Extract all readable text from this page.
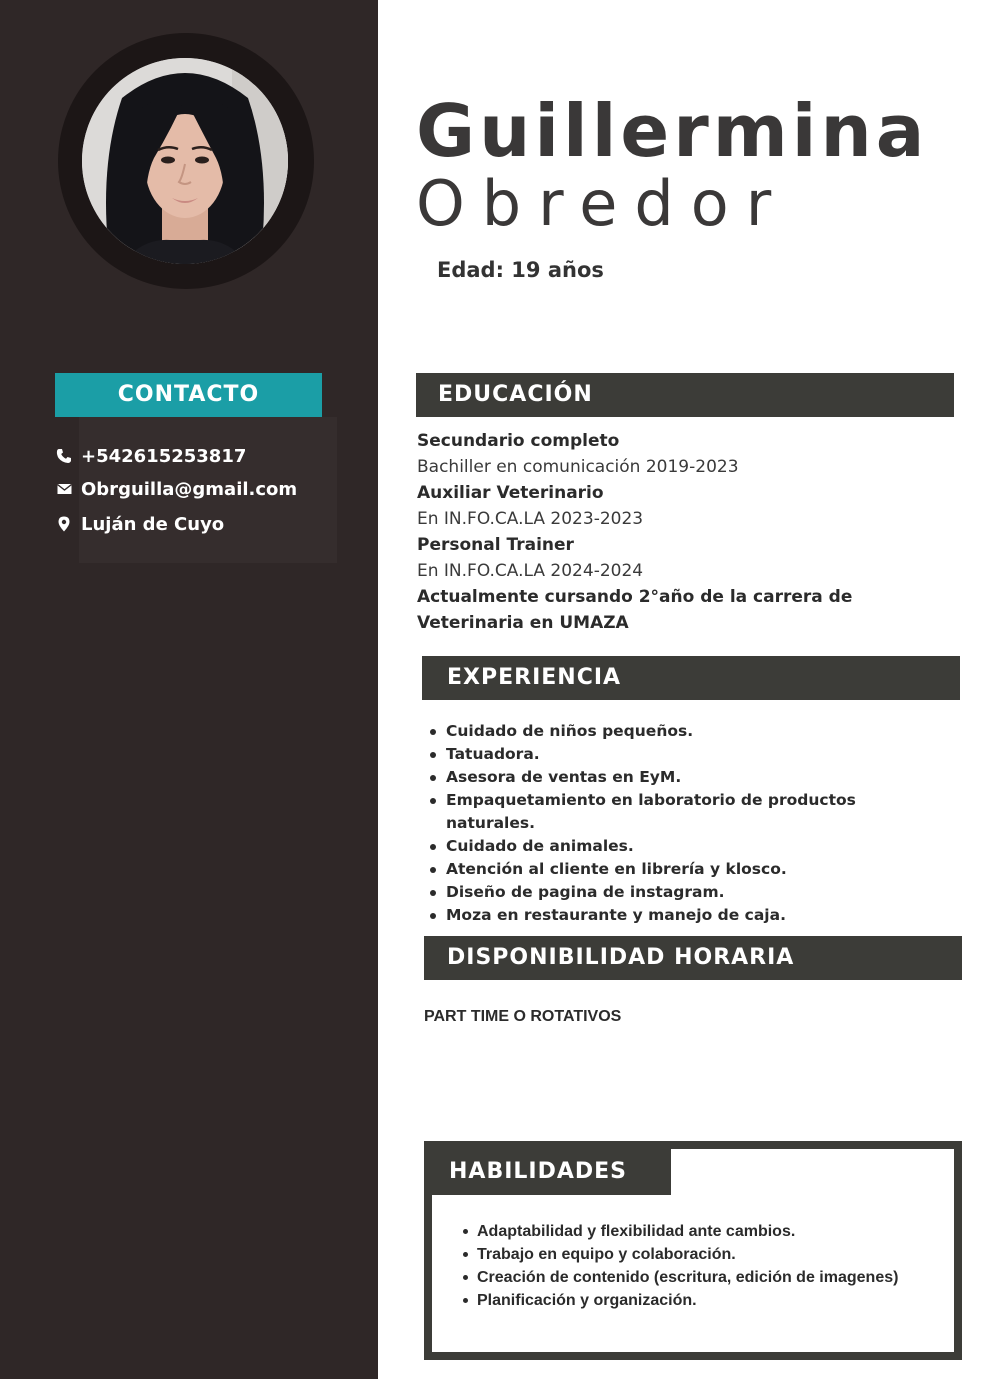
CONTACTO
+542615253817
Obrguilla@gmail.com
Luján de Cuyo
Guillermina
Obredor
Edad: 19 años
EDUCACIÓN
Secundario completo
Bachiller en comunicación 2019-2023
Auxiliar Veterinario
En IN.FO.CA.LA 2023-2023
Personal Trainer
En IN.FO.CA.LA 2024-2024
Actualmente cursando 2°año de la carrera de Veterinaria en UMAZA
EXPERIENCIA
Cuidado de niños pequeños.
Tatuadora.
Asesora de ventas en EyM.
Empaquetamiento en laboratorio de productos naturales.
Cuidado de animales.
Atención al cliente en librería y klosco.
Diseño de pagina de instagram.
Moza en restaurante y manejo de caja.
DISPONIBILIDAD HORARIA
PART TIME O ROTATIVOS
HABILIDADES
Adaptabilidad y flexibilidad ante cambios.
Trabajo en equipo y colaboración.
Creación de contenido (escritura, edición de imagenes)
Planificación y organización.
